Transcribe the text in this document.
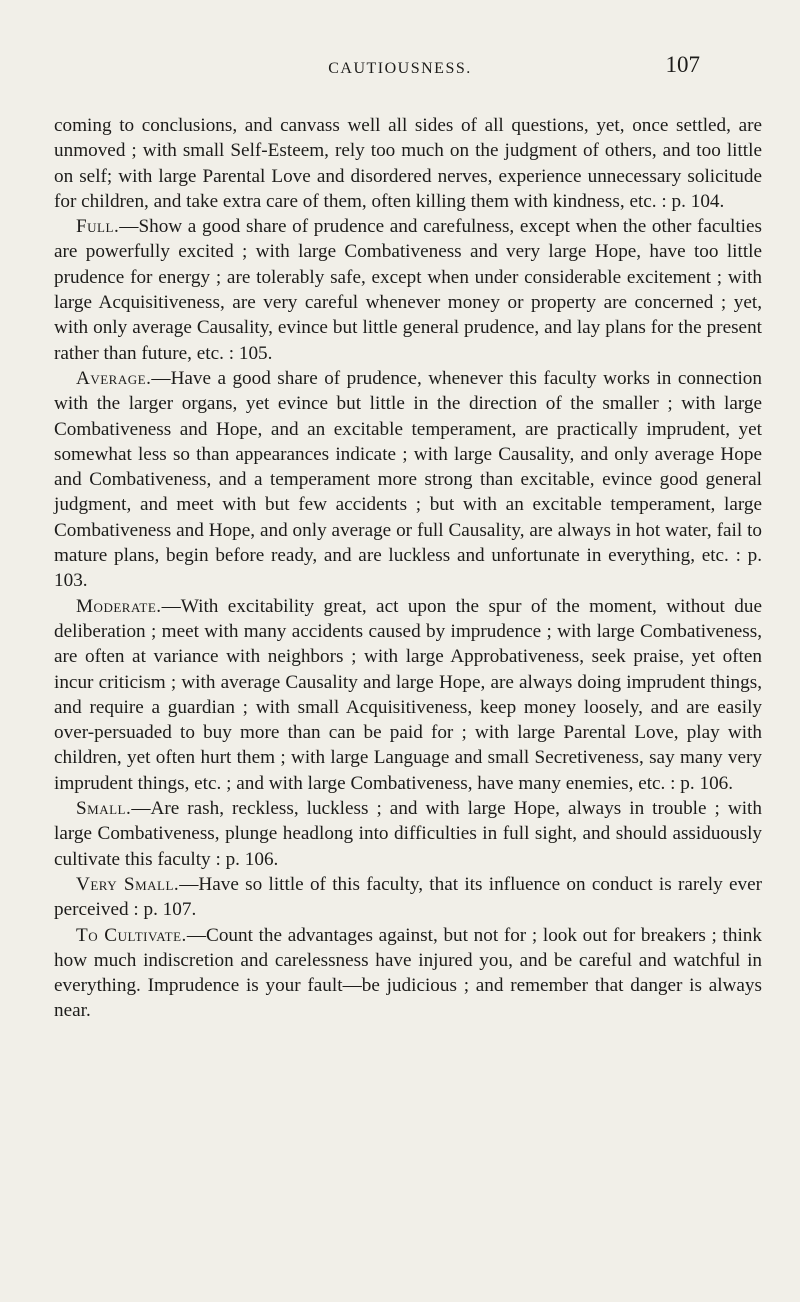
CAUTIOUSNESS.	107

coming to conclusions, and canvass well all sides of all questions, yet, once settled, are unmoved ; with small Self-Esteem, rely too much on the judgment of others, and too little on self; with large Parental Love and disordered nerves, experience unnecessary solicitude for children, and take extra care of them, often killing them with kindness, etc. : p. 104.

Full.—Show a good share of prudence and carefulness, except when the other faculties are powerfully excited ; with large Combativeness and very large Hope, have too little prudence for energy ; are tolerably safe, except when under considerable excitement ; with large Acquisitiveness, are very careful whenever money or property are concerned ; yet, with only average Causality, evince but little general prudence, and lay plans for the present rather than future, etc. : 105.

Average.—Have a good share of prudence, whenever this faculty works in connection with the larger organs, yet evince but little in the direction of the smaller ; with large Combativeness and Hope, and an excitable temperament, are practically imprudent, yet somewhat less so than appearances indicate ; with large Causality, and only average Hope and Combativeness, and a temperament more strong than excitable, evince good general judgment, and meet with but few accidents ; but with an excitable temperament, large Combativeness and Hope, and only average or full Causality, are always in hot water, fail to mature plans, begin before ready, and are luckless and unfortunate in everything, etc. : p. 103.

Moderate.—With excitability great, act upon the spur of the moment, without due deliberation ; meet with many accidents caused by imprudence ; with large Combativeness, are often at variance with neighbors ; with large Approbativeness, seek praise, yet often incur criticism ; with average Causality and large Hope, are always doing imprudent things, and require a guardian ; with small Acquisitiveness, keep money loosely, and are easily over-persuaded to buy more than can be paid for ; with large Parental Love, play with children, yet often hurt them ; with large Language and small Secretiveness, say many very imprudent things, etc. ; and with large Combativeness, have many enemies, etc. : p. 106.

Small.—Are rash, reckless, luckless ; and with large Hope, always in trouble ; with large Combativeness, plunge headlong into difficulties in full sight, and should assiduously cultivate this faculty : p. 106.

Very Small.—Have so little of this faculty, that its influence on conduct is rarely ever perceived : p. 107.

To Cultivate.—Count the advantages against, but not for ; look out for breakers ; think how much indiscretion and carelessness have injured you, and be careful and watchful in everything. Imprudence is your fault—be judicious ; and remember that danger is always near.
